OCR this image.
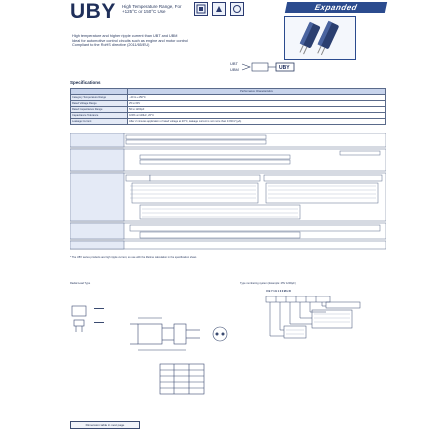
UBY High Temperature Range, For +125°C or 150°C Use	Expanded
High temperature and higher ripple current than UBT and UBM
Ideal for automotive control circuits such as engine and motor control
Compliant to the RoHS directive (2011/65/EU)
UBT
UBM	UBY
Specifications
	Performance Characteristics
Category Temperature Range	−40 to +150°C
Rated Voltage Range	25 to 63V
Rated Capacitance Range	56 to 1200µF
Capacitance Tolerance	±20% at 120Hz, 20°C
Leakage Current	After 2 minutes application of rated voltage at 20°C, leakage current is not more than 0.03CV (µA)
* The UBY series products are high ripple current, so use with the lifetime calculation in the specification sheet.
Radial Lead Type	Type numbering system (Example: 25V 1200µF)
UBY1E122MHD
Dimension table in next page
